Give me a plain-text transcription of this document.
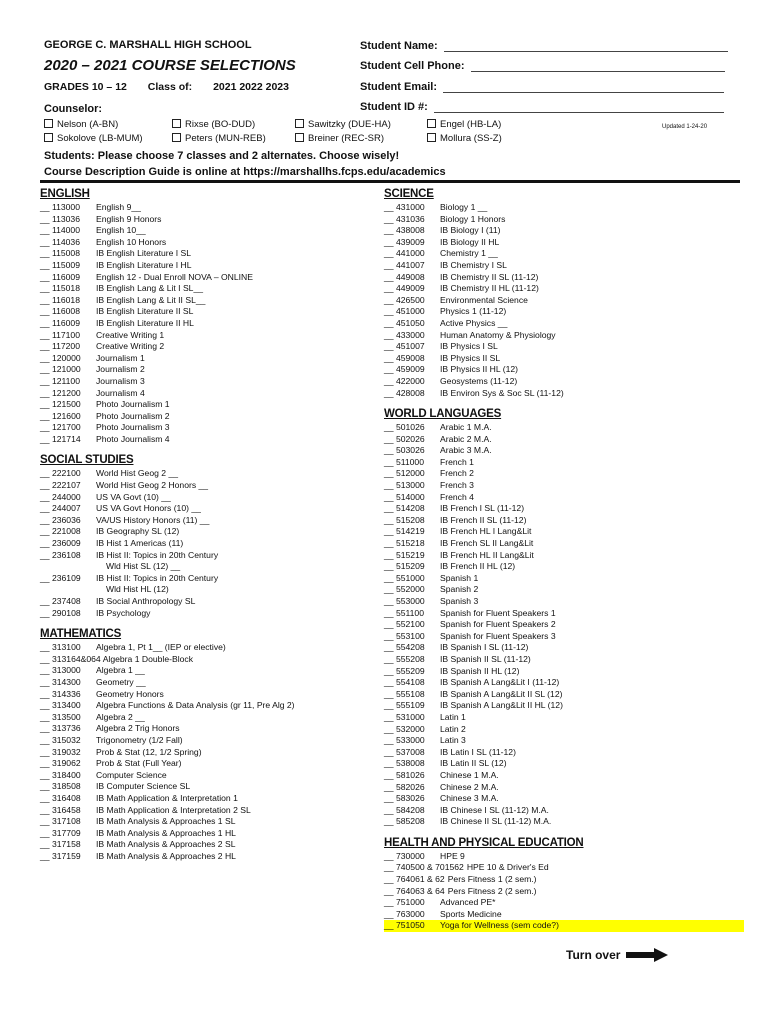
GEORGE C. MARSHALL HIGH SCHOOL
2020 – 2021 COURSE SELECTIONS
GRADES 10 – 12 Class of: 2021 2022 2023
Student Name:
Student Cell Phone:
Student Email:
Student ID #:
Counselor:
Nelson (A-BN)	Rixse (BO-DUD)	Sawitzky (DUE-HA)	Engel (HB-LA)
Sokolove (LB-MUM)	Peters (MUN-REB)	Breiner (REC-SR)	Mollura (SS-Z)
Updated 1-24-20
Students: Please choose 7 classes and 2 alternates. Choose wisely!
Course Description Guide is online at https://marshallhs.fcps.edu/academics
ENGLISH
__ 113000	English 9__
__ 113036	English 9 Honors
__ 114000	English 10__
__ 114036	English 10 Honors
__ 115008	IB English Literature I SL
__ 115009	IB English Literature I HL
__ 116009	English 12 - Dual Enroll NOVA – ONLINE
__ 115018	IB English Lang & Lit I SL__
__ 116018	IB English Lang & Lit II SL__
__ 116008	IB English Literature II SL
__ 116009	IB English Literature II HL
__ 117100	Creative Writing 1
__ 117200	Creative Writing 2
__ 120000	Journalism 1
__ 121000	Journalism 2
__ 121100	Journalism 3
__ 121200	Journalism 4
__ 121500	Photo Journalism 1
__ 121600	Photo Journalism 2
__ 121700	Photo Journalism 3
__ 121714	Photo Journalism 4
SOCIAL STUDIES
__ 222100	World Hist Geog 2 __
__ 222107	World Hist Geog 2 Honors __
__ 244000	US VA Govt (10) __
__ 244007	US VA Govt Honors (10) __
__ 236036	VA/US History Honors (11) __
__ 221008	IB Geography SL (12)
__ 236009	IB Hist 1 Americas (11)
__ 236108	IB Hist II: Topics in 20th Century
Wld Hist SL (12) __
__ 236109	IB Hist II: Topics in 20th Century
Wld Hist HL (12)
__ 237408	IB Social Anthropology SL
__ 290108	IB Psychology
MATHEMATICS
__ 313100	Algebra 1, Pt 1__ (IEP or elective)
__ 313164&064 Algebra 1 Double-Block
__ 313000	Algebra 1 __
__ 314300	Geometry __
__ 314336	Geometry Honors
__ 313400	Algebra Functions & Data Analysis (gr 11, Pre Alg 2)
__ 313500	Algebra 2 __
__ 313736	Algebra 2 Trig Honors
__ 315032	Trigonometry (1/2 Fall)
__ 319032	Prob & Stat (12, 1/2 Spring)
__ 319062	Prob & Stat (Full Year)
__ 318400	Computer Science
__ 318508	IB Computer Science SL
__ 316408	IB Math Application & Interpretation 1
__ 316458	IB Math Application & Interpretation 2 SL
__ 317108	IB Math Analysis & Approaches 1 SL
__ 317709	IB Math Analysis & Approaches 1 HL
__ 317158	IB Math Analysis & Approaches 2 SL
__ 317159	IB Math Analysis & Approaches 2 HL
SCIENCE
__ 431000	Biology 1 __
__ 431036	Biology 1 Honors
__ 438008	IB Biology I (11)
__ 439009	IB Biology II HL
__ 441000	Chemistry 1 __
__ 441007	IB Chemistry I SL
__ 449008	IB Chemistry II SL (11-12)
__ 449009	IB Chemistry II HL (11-12)
__ 426500	Environmental Science
__ 451000	Physics 1 (11-12)
__ 451050	Active Physics __
__ 433000	Human Anatomy & Physiology
__ 451007	IB Physics I SL
__ 459008	IB Physics II SL
__ 459009	IB Physics II HL (12)
__ 422000	Geosystems (11-12)
__ 428008	IB Environ Sys & Soc SL (11-12)
WORLD LANGUAGES
__ 501026	Arabic 1 M.A.
__ 502026	Arabic 2 M.A.
__ 503026	Arabic 3 M.A.
__ 511000	French 1
__ 512000	French 2
__ 513000	French 3
__ 514000	French 4
__ 514208	IB French I SL (11-12)
__ 515208	IB French II SL (11-12)
__ 514219	IB French HL I Lang&Lit
__ 515218	IB French SL II Lang&Lit
__ 515219	IB French HL II Lang&Lit
__ 515209	IB French II HL (12)
__ 551000	Spanish 1
__ 552000	Spanish 2
__ 553000	Spanish 3
__ 551100	Spanish for Fluent Speakers 1
__ 552100	Spanish for Fluent Speakers 2
__ 553100	Spanish for Fluent Speakers 3
__ 554208	IB Spanish I SL (11-12)
__ 555208	IB Spanish II SL (11-12)
__ 555209	IB Spanish II HL (12)
__ 554108	IB Spanish A Lang&Lit I (11-12)
__ 555108	IB Spanish A Lang&Lit II SL (12)
__ 555109	IB Spanish A Lang&Lit II HL (12)
__ 531000	Latin 1
__ 532000	Latin 2
__ 533000	Latin 3
__ 537008	IB Latin I SL (11-12)
__ 538008	IB Latin II SL (12)
__ 581026	Chinese 1 M.A.
__ 582026	Chinese 2 M.A.
__ 583026	Chinese 3 M.A.
__ 584208	IB Chinese I SL (11-12) M.A.
__ 585208	IB Chinese II SL (11-12) M.A.
HEALTH AND PHYSICAL EDUCATION
__ 730000	HPE 9
__ 740500 & 701562 HPE 10 & Driver's Ed
__ 764061 & 62 Pers Fitness 1 (2 sem.)
__ 764063 & 64 Pers Fitness 2 (2 sem.)
__ 751000	Advanced PE*
__ 763000	Sports Medicine
__ 751050	Yoga for Wellness (sem code?)
Turn over
